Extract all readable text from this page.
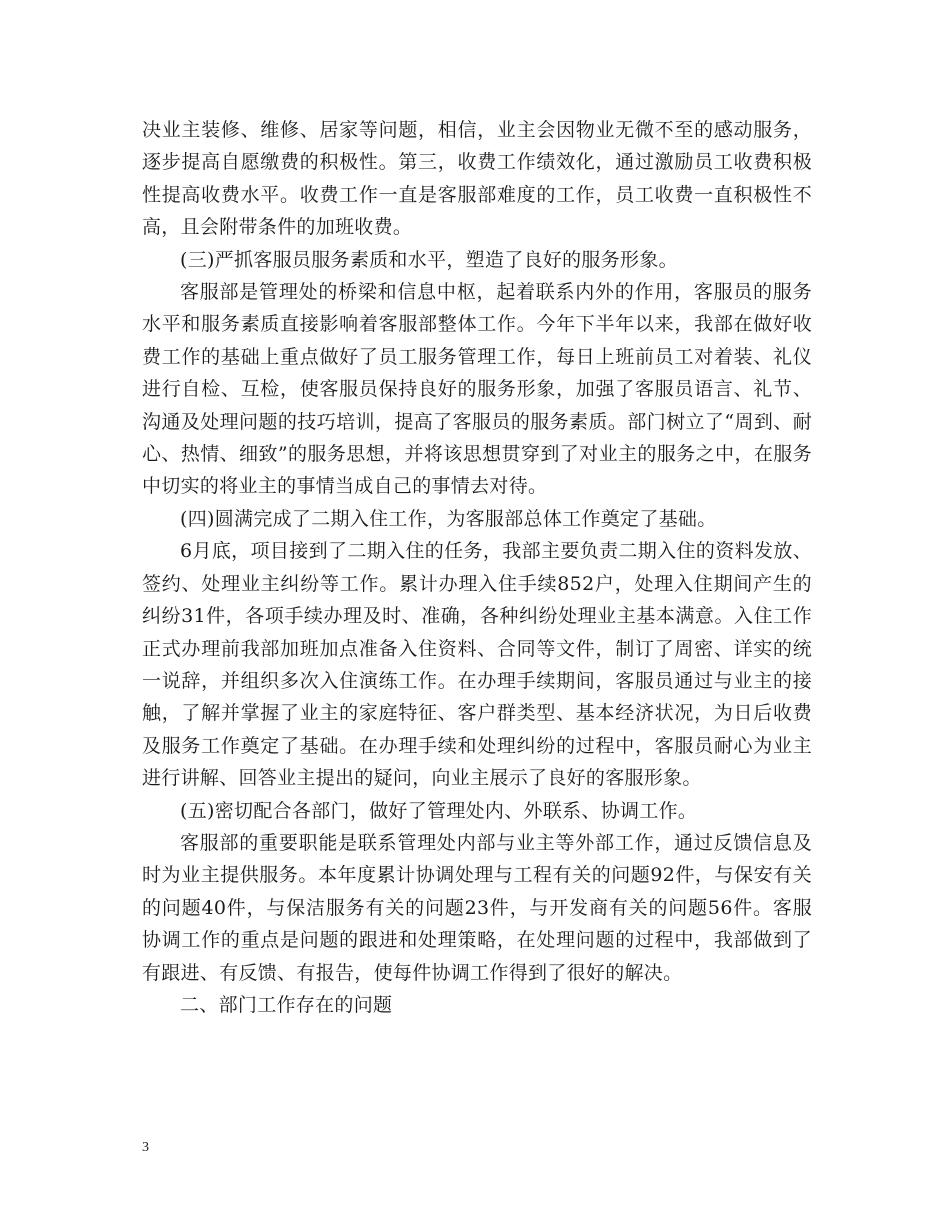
决业主装修、维修、居家等问题，相信，业主会因物业无微不至的感动服务，逐步提高自愿缴费的积极性。第三，收费工作绩效化，通过激励员工收费积极性提高收费水平。收费工作一直是客服部难度的工作，员工收费一直积极性不高，且会附带条件的加班收费。

(三)严抓客服员服务素质和水平，塑造了良好的服务形象。

客服部是管理处的桥梁和信息中枢，起着联系内外的作用，客服员的服务水平和服务素质直接影响着客服部整体工作。今年下半年以来，我部在做好收费工作的基础上重点做好了员工服务管理工作，每日上班前员工对着装、礼仪进行自检、互检，使客服员保持良好的服务形象，加强了客服员语言、礼节、沟通及处理问题的技巧培训，提高了客服员的服务素质。部门树立了“周到、耐心、热情、细致”的服务思想，并将该思想贯穿到了对业主的服务之中，在服务中切实的将业主的事情当成自己的事情去对待。

(四)圆满完成了二期入住工作，为客服部总体工作奠定了基础。

6月底，项目接到了二期入住的任务，我部主要负责二期入住的资料发放、签约、处理业主纠纷等工作。累计办理入住手续852户，处理入住期间产生的纠纷31件，各项手续办理及时、准确，各种纠纷处理业主基本满意。入住工作正式办理前我部加班加点准备入住资料、合同等文件，制订了周密、详实的统一说辞，并组织多次入住演练工作。在办理手续期间，客服员通过与业主的接触，了解并掌握了业主的家庭特征、客户群类型、基本经济状况，为日后收费及服务工作奠定了基础。在办理手续和处理纠纷的过程中，客服员耐心为业主进行讲解、回答业主提出的疑问，向业主展示了良好的客服形象。

(五)密切配合各部门，做好了管理处内、外联系、协调工作。

客服部的重要职能是联系管理处内部与业主等外部工作，通过反馈信息及时为业主提供服务。本年度累计协调处理与工程有关的问题92件，与保安有关的问题40件，与保洁服务有关的问题23件，与开发商有关的问题56件。客服协调工作的重点是问题的跟进和处理策略，在处理问题的过程中，我部做到了有跟进、有反馈、有报告，使每件协调工作得到了很好的解决。

二、部门工作存在的问题

3
